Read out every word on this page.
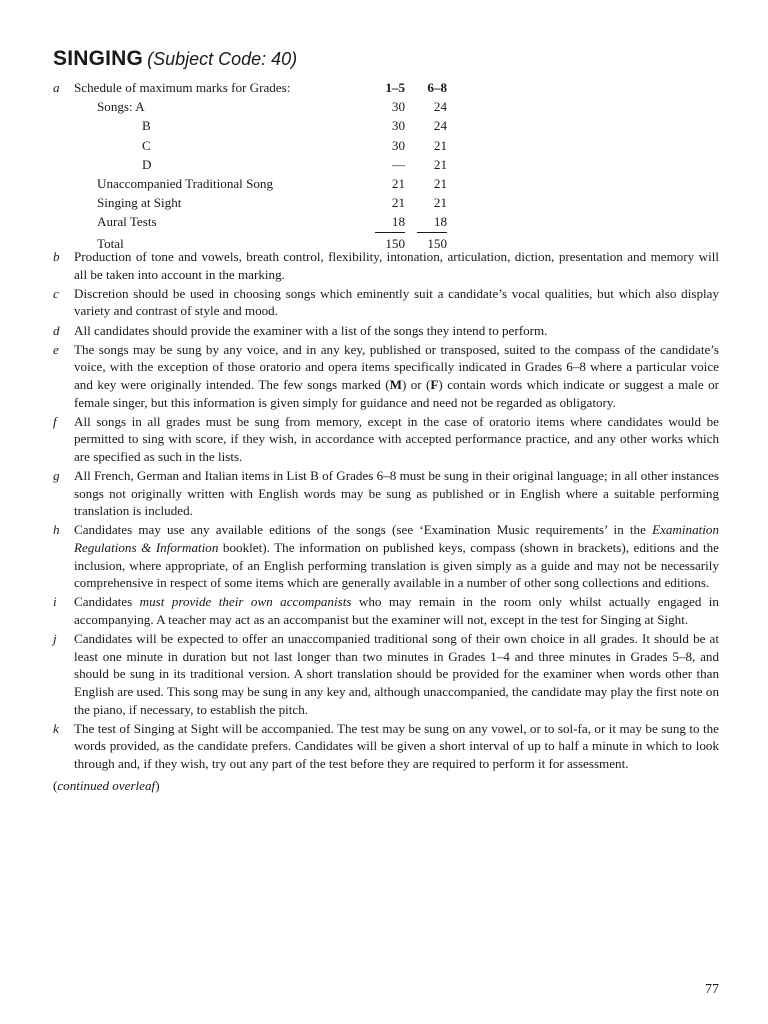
SINGING (Subject Code: 40)
a Schedule of maximum marks for Grades:	1–5	6–8
Songs: A	30	24
B	30	24
C	30	21
D	—	21
Unaccompanied Traditional Song	21	21
Singing at Sight	21	21
Aural Tests	18	18
Total	150	150
b Production of tone and vowels, breath control, flexibility, intonation, articulation, diction, presentation and memory will all be taken into account in the marking.
c Discretion should be used in choosing songs which eminently suit a candidate’s vocal qualities, but which also display variety and contrast of style and mood.
d All candidates should provide the examiner with a list of the songs they intend to perform.
e The songs may be sung by any voice, and in any key, published or transposed, suited to the compass of the candidate’s voice, with the exception of those oratorio and opera items specifically indicated in Grades 6–8 where a particular voice and key were originally intended. The few songs marked (M) or (F) contain words which indicate or suggest a male or female singer, but this information is given simply for guidance and need not be regarded as obligatory.
f All songs in all grades must be sung from memory, except in the case of oratorio items where candidates would be permitted to sing with score, if they wish, in accordance with accepted performance practice, and any other works which are specified as such in the lists.
g All French, German and Italian items in List B of Grades 6–8 must be sung in their original language; in all other instances songs not originally written with English words may be sung as published or in English where a suitable performing translation is included.
h Candidates may use any available editions of the songs (see ‘Examination Music requirements’ in the Examination Regulations & Information booklet). The information on published keys, compass (shown in brackets), editions and the inclusion, where appropriate, of an English performing translation is given simply as a guide and may not be necessarily comprehensive in respect of some items which are generally available in a number of other song collections and editions.
i Candidates must provide their own accompanists who may remain in the room only whilst actually engaged in accompanying. A teacher may act as an accompanist but the examiner will not, except in the test for Singing at Sight.
j Candidates will be expected to offer an unaccompanied traditional song of their own choice in all grades. It should be at least one minute in duration but not last longer than two minutes in Grades 1–4 and three minutes in Grades 5–8, and should be sung in its traditional version. A short translation should be provided for the examiner when words other than English are used. This song may be sung in any key and, although unaccompanied, the candidate may play the first note on the piano, if necessary, to establish the pitch.
k The test of Singing at Sight will be accompanied. The test may be sung on any vowel, or to sol-fa, or it may be sung to the words provided, as the candidate prefers. Candidates will be given a short interval of up to half a minute in which to look through and, if they wish, try out any part of the test before they are required to perform it for assessment.
(continued overleaf)
77
